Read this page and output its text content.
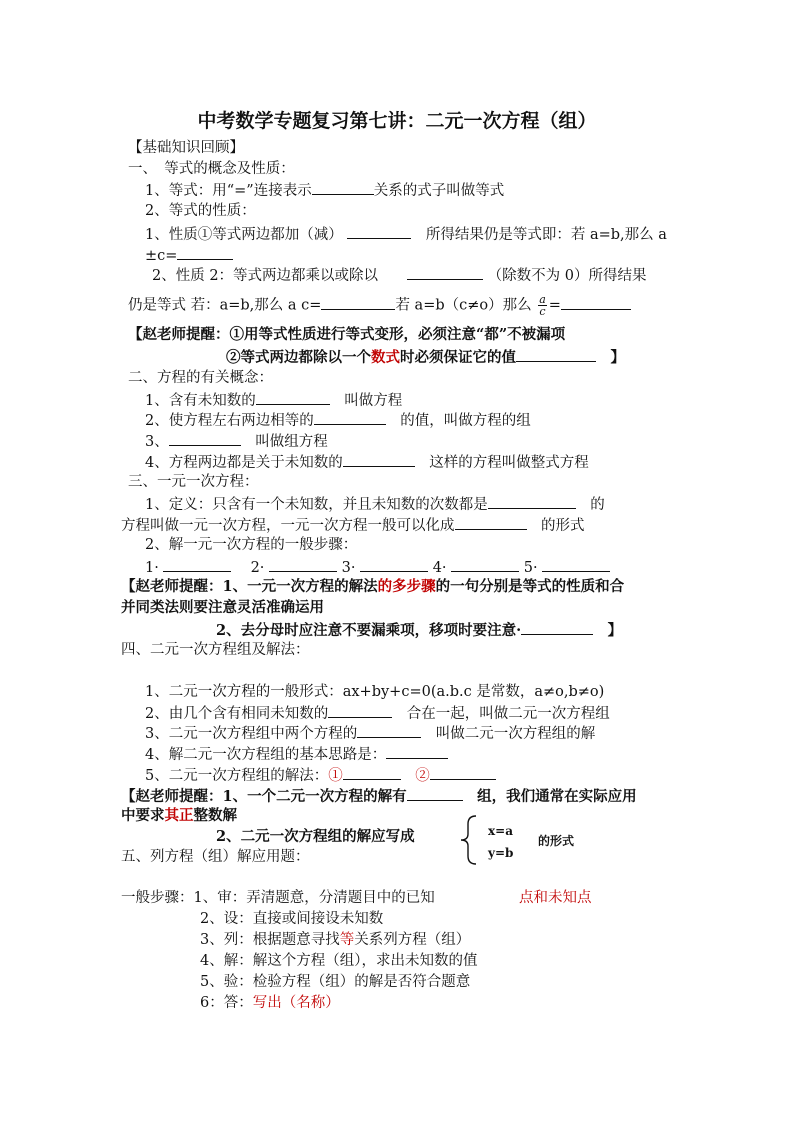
中考数学专题复习第七讲：二元一次方程（组）
【基础知识回顾】
一、　等式的概念及性质：
1、等式：用“=”连接表示	关系的式子叫做等式
2、等式的性质：
1、性质①等式两边都加（减） 　	所得结果仍是等式即：若 a=b,那么 a
±c=
2、性质 2：等式两边都乘以或除以　　	（除数不为 0）所得结果
仍是等式 若：a=b,那么 a c=	若 a=b（c≠o）那么 $\frac{a}{c}$ =
【赵老师提醒：①用等式性质进行等式变形，必须注意“都”不被漏项
②等式两边都除以一个数式时必须保证它的值　	】
二、方程的有关概念：
1、含有未知数的　	叫做方程
2、使方程左右两边相等的　	的值，叫做方程的组
3、　	叫做组方程
4、方程两边都是关于未知数的　	这样的方程叫做整式方程
三、一元一次方程：
1、定义：只含有一个未知数，并且未知数的次数都是　	的
方程叫做一元一次方程，一元一次方程一般可以化成　	的形式
2、解一元一次方程的一般步骤：
1· 　	2·	3·	4·	5·
【赵老师提醒：1、一元一次方程的解法的多步骤的一句分别是等式的性质和合
并同类法则要注意灵活准确运用
2、去分母时应注意不要漏乘项，移项时要注意·　	】
四、二元一次方程组及解法：
1、二元一次方程的一般形式：ax+by+c=0(a.b.c 是常数，a≠o,b≠o)
2、由几个含有相同未知数的　	合在一起，叫做二元一次方程组
3、二元一次方程组中两个方程的　	叫做二元一次方程组的解
4、解二元一次方程组的基本思路是：
5、二元一次方程组的解法：①　	②
【赵老师提醒：1、一个二元一次方程的解有　	组，我们通常在实际应用
中要求其正整数解
2、二元一次方程组的解应写成	x=a
y=b
的形式
五、列方程（组）解应用题：
一般步骤：1、审：弄清题意，分清题目中的已知	点和未知点
2、设：直接或间接设未知数
3、列：根据题意寻找等关系列方程（组）
4、解：解这个方程（组），求出未知数的值
5、验：检验方程（组）的解是否符合题意
6：答：写出（名称）
